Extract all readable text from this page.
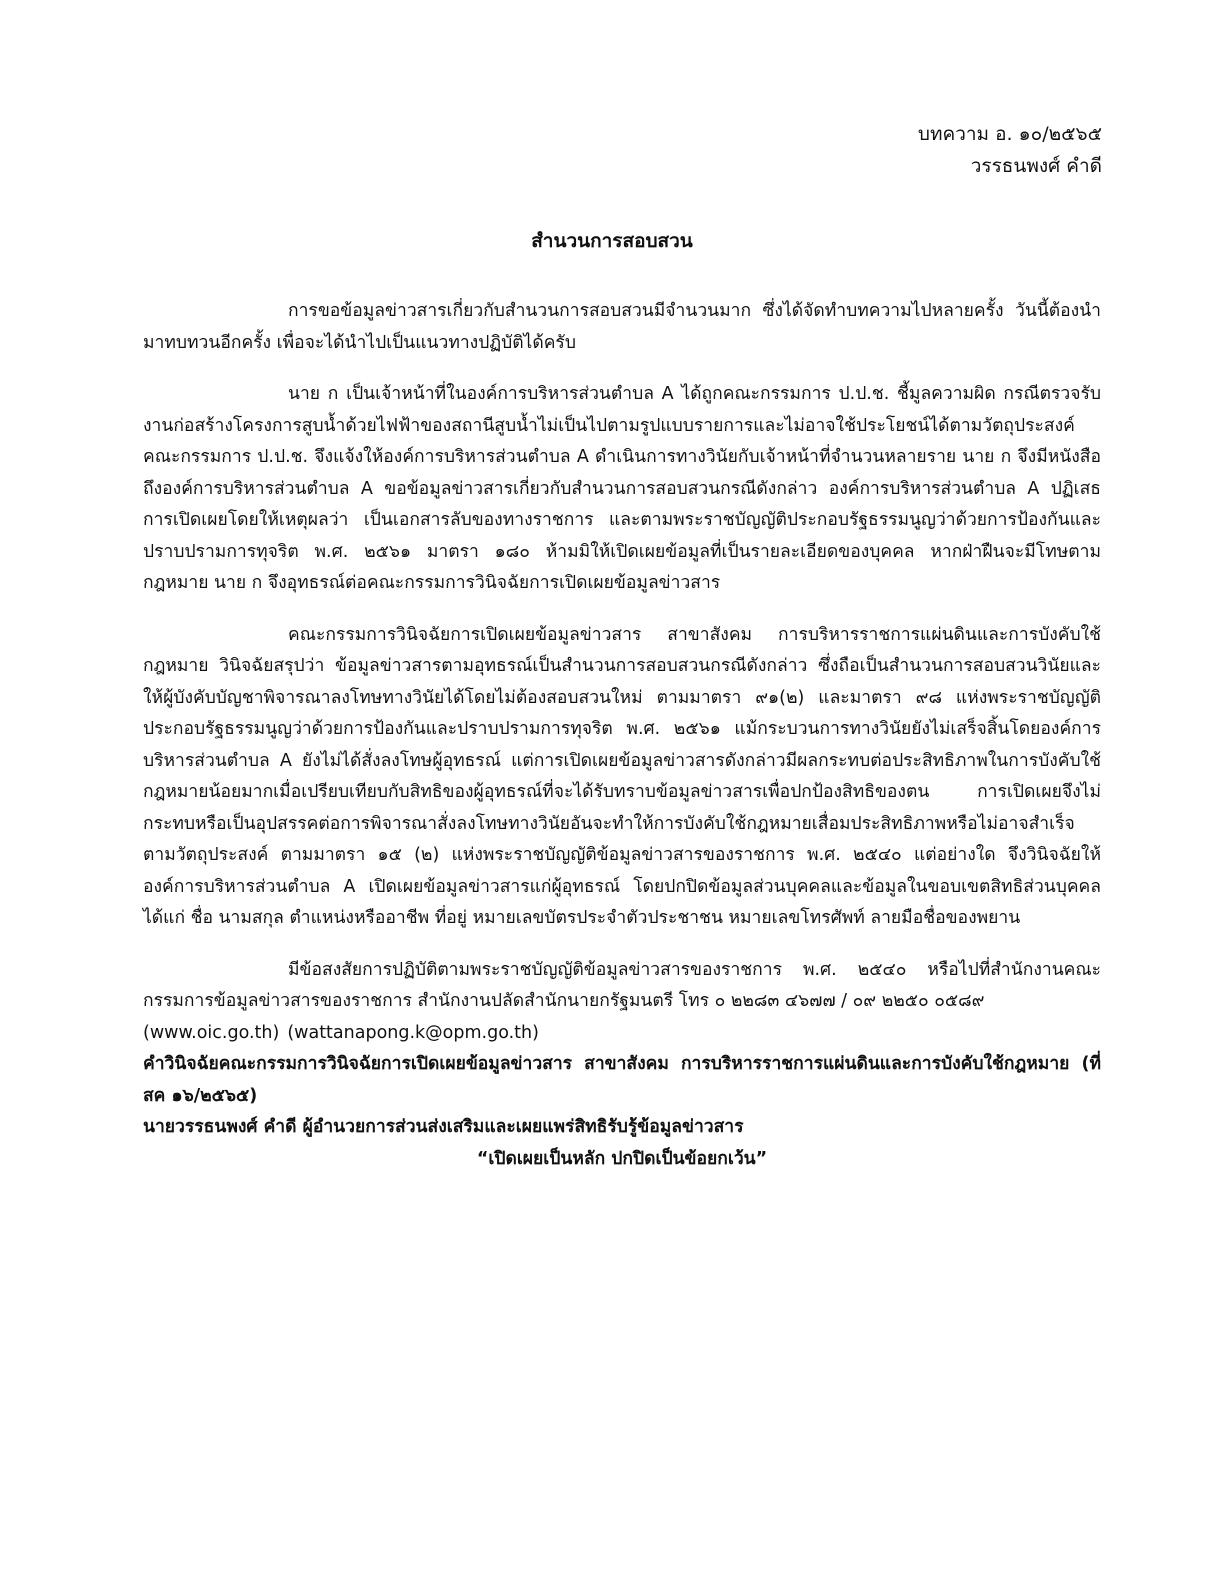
บทความ อ. ๑๐/๒๕๖๕
วรรธนพงศ์ คำดี
สำนวนการสอบสวน

การขอข้อมูลข่าวสารเกี่ยวกับสำนวนการสอบสวนมีจำนวนมาก ซึ่งได้จัดทำบทความไปหลายครั้ง วันนี้ต้องนำมาทบทวนอีกครั้ง เพื่อจะได้นำไปเป็นแนวทางปฏิบัติได้ครับ

นาย ก เป็นเจ้าหน้าที่ในองค์การบริหารส่วนตำบล A ได้ถูกคณะกรรมการ ป.ป.ช. ชี้มูลความผิด กรณีตรวจรับงานก่อสร้างโครงการสูบน้ำด้วยไฟฟ้าของสถานีสูบน้ำไม่เป็นไปตามรูปแบบรายการและไม่อาจใช้ประโยชน์ได้ตามวัตถุประสงค์ คณะกรรมการ ป.ป.ช. จึงแจ้งให้องค์การบริหารส่วนตำบล A ดำเนินการทางวินัยกับเจ้าหน้าที่จำนวนหลายราย นาย ก จึงมีหนังสือถึงองค์การบริหารส่วนตำบล A ขอข้อมูลข่าวสารเกี่ยวกับสำนวนการสอบสวนกรณีดังกล่าว องค์การบริหารส่วนตำบล A ปฏิเสธการเปิดเผยโดยให้เหตุผลว่า เป็นเอกสารลับของทางราชการ และตามพระราชบัญญัติประกอบรัฐธรรมนูญว่าด้วยการป้องกันและปราบปรามการทุจริต พ.ศ. ๒๕๖๑ มาตรา ๑๘๐ ห้ามมิให้เปิดเผยข้อมูลที่เป็นรายละเอียดของบุคคล หากฝ่าฝืนจะมีโทษตามกฎหมาย นาย ก จึงอุทธรณ์ต่อคณะกรรมการวินิจฉัยการเปิดเผยข้อมูลข่าวสาร

คณะกรรมการวินิจฉัยการเปิดเผยข้อมูลข่าวสาร สาขาสังคม การบริหารราชการแผ่นดินและการบังคับใช้กฎหมาย วินิจฉัยสรุปว่า ข้อมูลข่าวสารตามอุทธรณ์เป็นสำนวนการสอบสวนกรณีดังกล่าว ซึ่งถือเป็นสำนวนการสอบสวนวินัยและให้ผู้บังคับบัญชาพิจารณาลงโทษทางวินัยได้โดยไม่ต้องสอบสวนใหม่ ตามมาตรา ๙๑(๒) และมาตรา ๙๘ แห่งพระราชบัญญัติประกอบรัฐธรรมนูญว่าด้วยการป้องกันและปราบปรามการทุจริต พ.ศ. ๒๕๖๑ แม้กระบวนการทางวินัยยังไม่เสร็จสิ้นโดยองค์การบริหารส่วนตำบล A ยังไม่ได้สั่งลงโทษผู้อุทธรณ์ แต่การเปิดเผยข้อมูลข่าวสารดังกล่าวมีผลกระทบต่อประสิทธิภาพในการบังคับใช้กฎหมายน้อยมากเมื่อเปรียบเทียบกับสิทธิของผู้อุทธรณ์ที่จะได้รับทราบข้อมูลข่าวสารเพื่อปกป้องสิทธิของตน การเปิดเผยจึงไม่กระทบหรือเป็นอุปสรรคต่อการพิจารณาสั่งลงโทษทางวินัยอันจะทำให้การบังคับใช้กฎหมายเสื่อมประสิทธิภาพหรือไม่อาจสำเร็จตามวัตถุประสงค์ ตามมาตรา ๑๕ (๒) แห่งพระราชบัญญัติข้อมูลข่าวสารของราชการ พ.ศ. ๒๕๔๐ แต่อย่างใด จึงวินิจฉัยให้องค์การบริหารส่วนตำบล A เปิดเผยข้อมูลข่าวสารแก่ผู้อุทธรณ์ โดยปกปิดข้อมูลส่วนบุคคลและข้อมูลในขอบเขตสิทธิส่วนบุคคล ได้แก่ ชื่อ นามสกุล ตำแหน่งหรืออาชีพ ที่อยู่ หมายเลขบัตรประจำตัวประชาชน หมายเลขโทรศัพท์ ลายมือชื่อของพยาน

มีข้อสงสัยการปฏิบัติตามพระราชบัญญัติข้อมูลข่าวสารของราชการ พ.ศ. ๒๕๔๐ หรือไปที่สำนักงานคณะกรรมการข้อมูลข่าวสารของราชการ สำนักงานปลัดสำนักนายกรัฐมนตรี โทร ๐ ๒๒๘๓ ๔๖๗๗ / ๐๙ ๒๒๕๐ ๐๕๘๙

(www.oic.go.th) (wattanapong.k@opm.go.th)

คำวินิจฉัยคณะกรรมการวินิจฉัยการเปิดเผยข้อมูลข่าวสาร สาขาสังคม การบริหารราชการแผ่นดินและการบังคับใช้กฎหมาย (ที่ สค ๑๖/๒๕๖๕)

นายวรรธนพงศ์ คำดี ผู้อำนวยการส่วนส่งเสริมและเผยแพร่สิทธิรับรู้ข้อมูลข่าวสาร

“เปิดเผยเป็นหลัก ปกปิดเป็นข้อยกเว้น”
